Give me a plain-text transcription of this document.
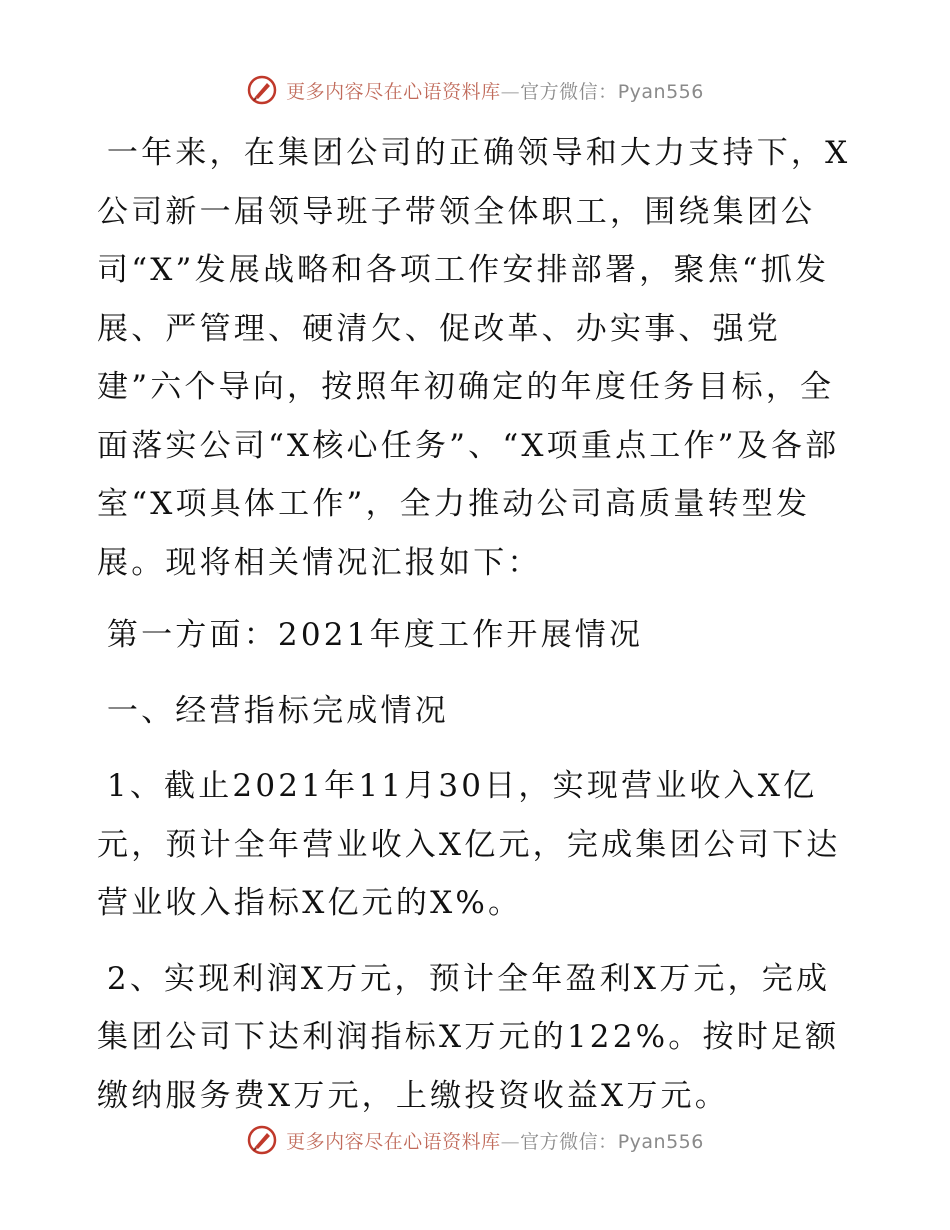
更多内容尽在心语资料库—官方微信：Pyan556

一年来，在集团公司的正确领导和大力支持下，X公司新一届领导班子带领全体职工，围绕集团公司“X”发展战略和各项工作安排部署，聚焦“抓发展、严管理、硬清欠、促改革、办实事、强党建”六个导向，按照年初确定的年度任务目标，全面落实公司“X核心任务”、“X项重点工作”及各部室“X项具体工作”，全力推动公司高质量转型发展。现将相关情况汇报如下：

第一方面：2021年度工作开展情况

一、经营指标完成情况

1、截止2021年11月30日，实现营业收入X亿元，预计全年营业收入X亿元，完成集团公司下达营业收入指标X亿元的X%。

2、实现利润X万元，预计全年盈利X万元，完成集团公司下达利润指标X万元的122%。按时足额缴纳服务费X万元，上缴投资收益X万元。

更多内容尽在心语资料库—官方微信：Pyan556
